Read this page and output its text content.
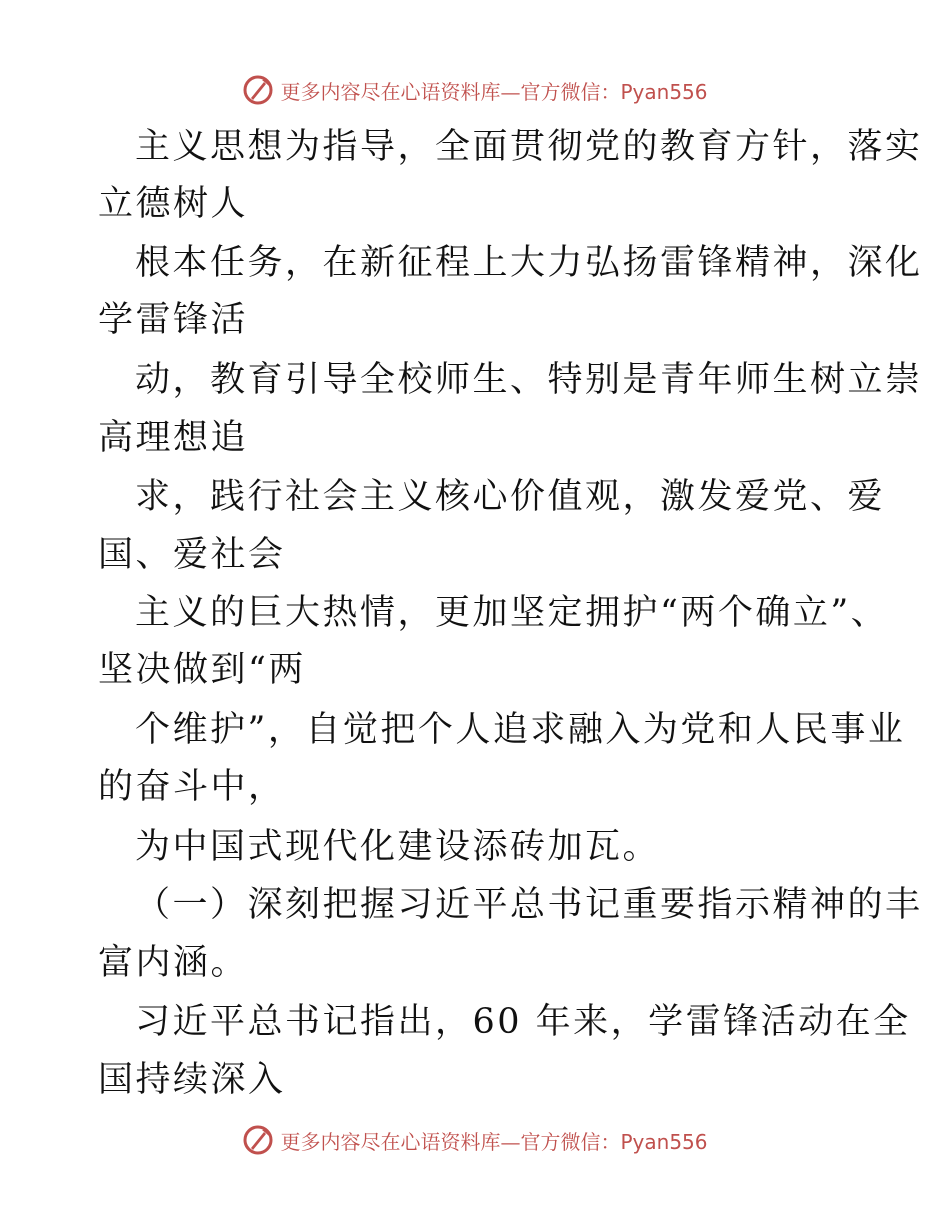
更多内容尽在心语资料库—官方微信：Pyan556
主义思想为指导，全面贯彻党的教育方针，落实
立德树人
根本任务，在新征程上大力弘扬雷锋精神，深化
学雷锋活
动，教育引导全校师生、特别是青年师生树立崇
高理想追
求，践行社会主义核心价值观，激发爱党、爱
国、爱社会
主义的巨大热情，更加坚定拥护“两个确立”、
坚决做到“两
个维护”，自觉把个人追求融入为党和人民事业
的奋斗中，
为中国式现代化建设添砖加瓦。
（一）深刻把握习近平总书记重要指示精神的丰
富内涵。
习近平总书记指出，60 年来，学雷锋活动在全
国持续深入
更多内容尽在心语资料库—官方微信：Pyan556
